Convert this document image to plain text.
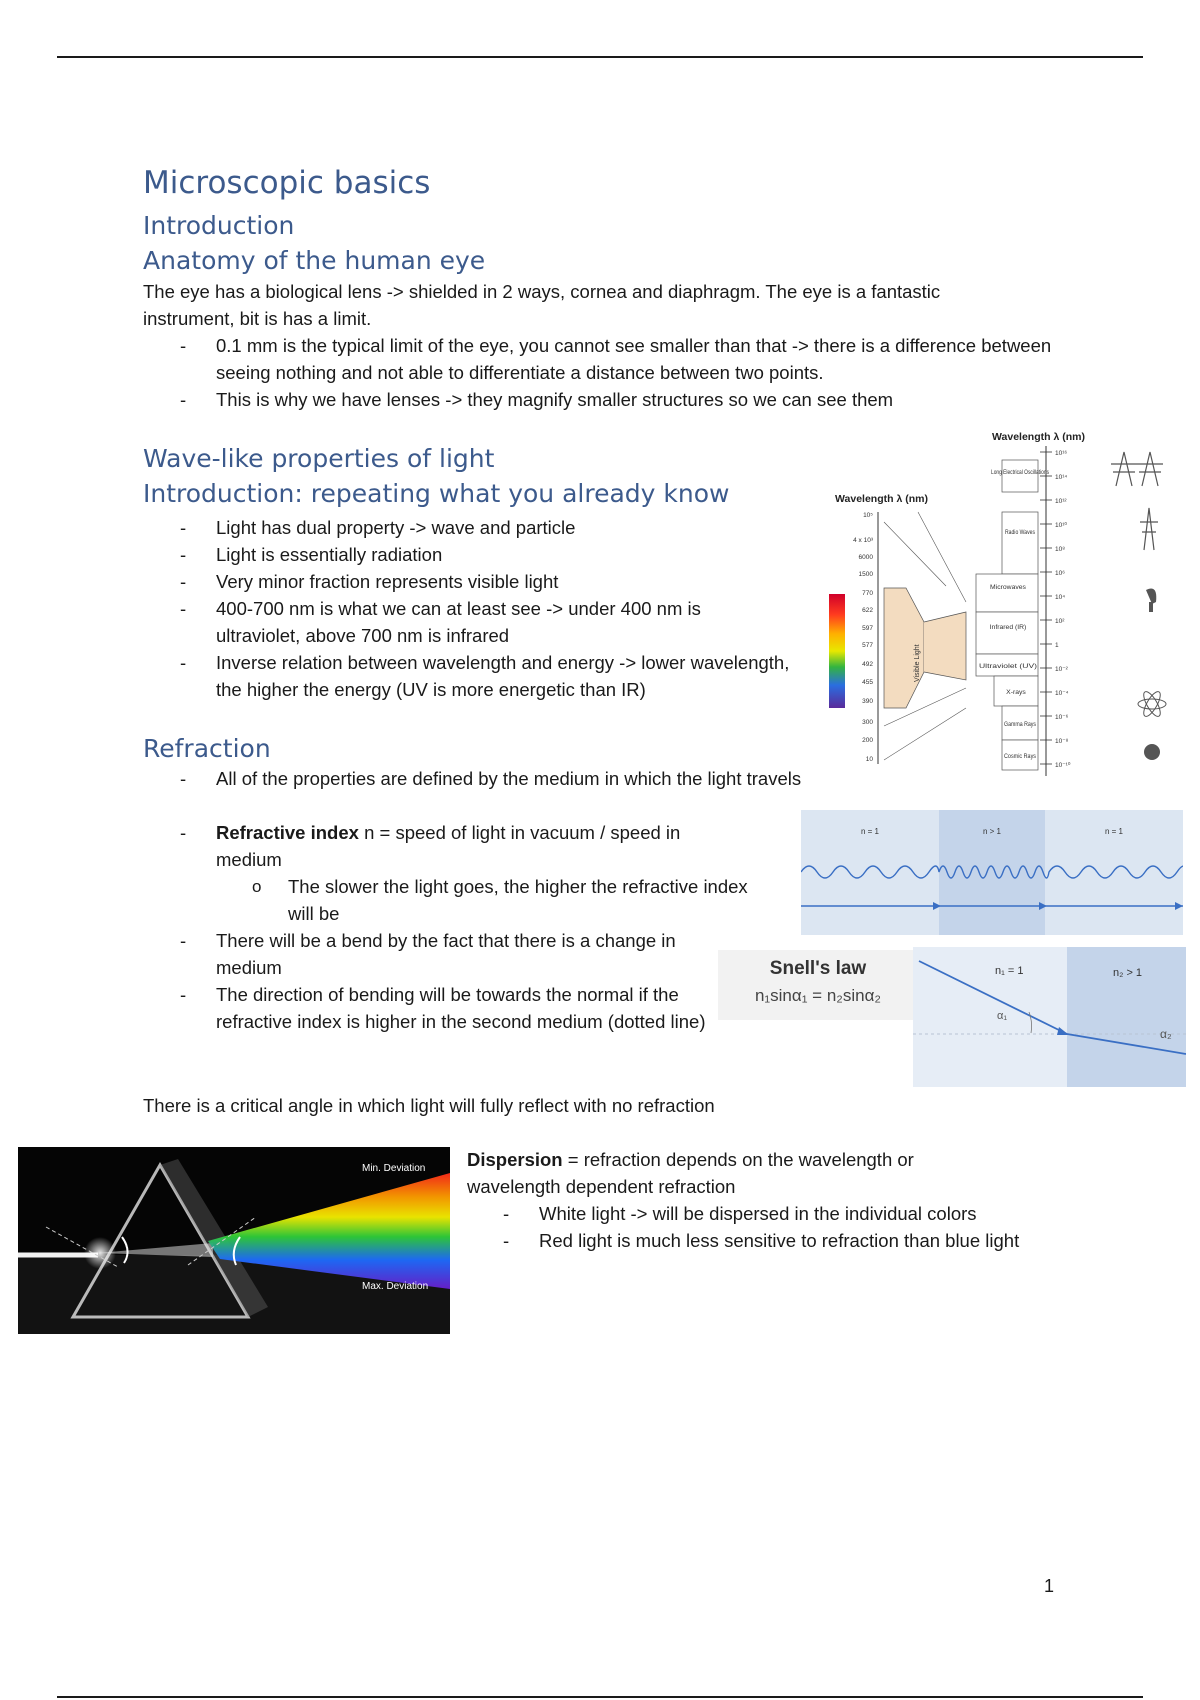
Microscopic basics
Introduction
Anatomy of the human eye
The eye has a biological lens -> shielded in 2 ways, cornea and diaphragm. The eye is a fantastic instrument, bit is has a limit.
- 0.1 mm is the typical limit of the eye, you cannot see smaller than that -> there is a difference between seeing nothing and not able to differentiate a distance between two points.
- This is why we have lenses -> they magnify smaller structures so we can see them
Wave-like properties of light
Introduction: repeating what you already know
- Light has dual property -> wave and particle
- Light is essentially radiation
- Very minor fraction represents visible light
- 400-700 nm is what we can at least see -> under 400 nm is ultraviolet, above 700 nm is infrared
- Inverse relation between wavelength and energy -> lower wavelength, the higher the energy (UV is more energetic than IR)
Wavelength λ (nm)
Wavelength λ (nm)
10⁵
4 x 10³
6000
1500
770
622
597
577
492
455
390
300
200
10
Visible Light
Long Electrical Oscillations
Radio Waves
Microwaves
Infrared (IR)
Ultraviolet (UV)
X-rays
Gamma Rays
Cosmic Rays
10¹⁶
10¹⁴
10¹²
10¹⁰
10⁸
10⁶
10⁴
10²
1
10⁻²
10⁻⁴
10⁻⁶
10⁻⁸
10⁻¹⁰
Refraction
- All of the properties are defined by the medium in which the light travels
- Refractive index n = speed of light in vacuum / speed in medium
o The slower the light goes, the higher the refractive index will be
- There will be a bend by the fact that there is a change in medium
- The direction of bending will be towards the normal if the refractive index is higher in the second medium (dotted line)
n = 1	n > 1	n = 1
Snell's law
n₁sinα₁ = n₂sinα₂
n₁ = 1	n₂ > 1
α₁
α₂
There is a critical angle in which light will fully reflect with no refraction
Min. Deviation
Max. Deviation
Dispersion = refraction depends on the wavelength or wavelength dependent refraction
- White light -> will be dispersed in the individual colors
- Red light is much less sensitive to refraction than blue light
1
